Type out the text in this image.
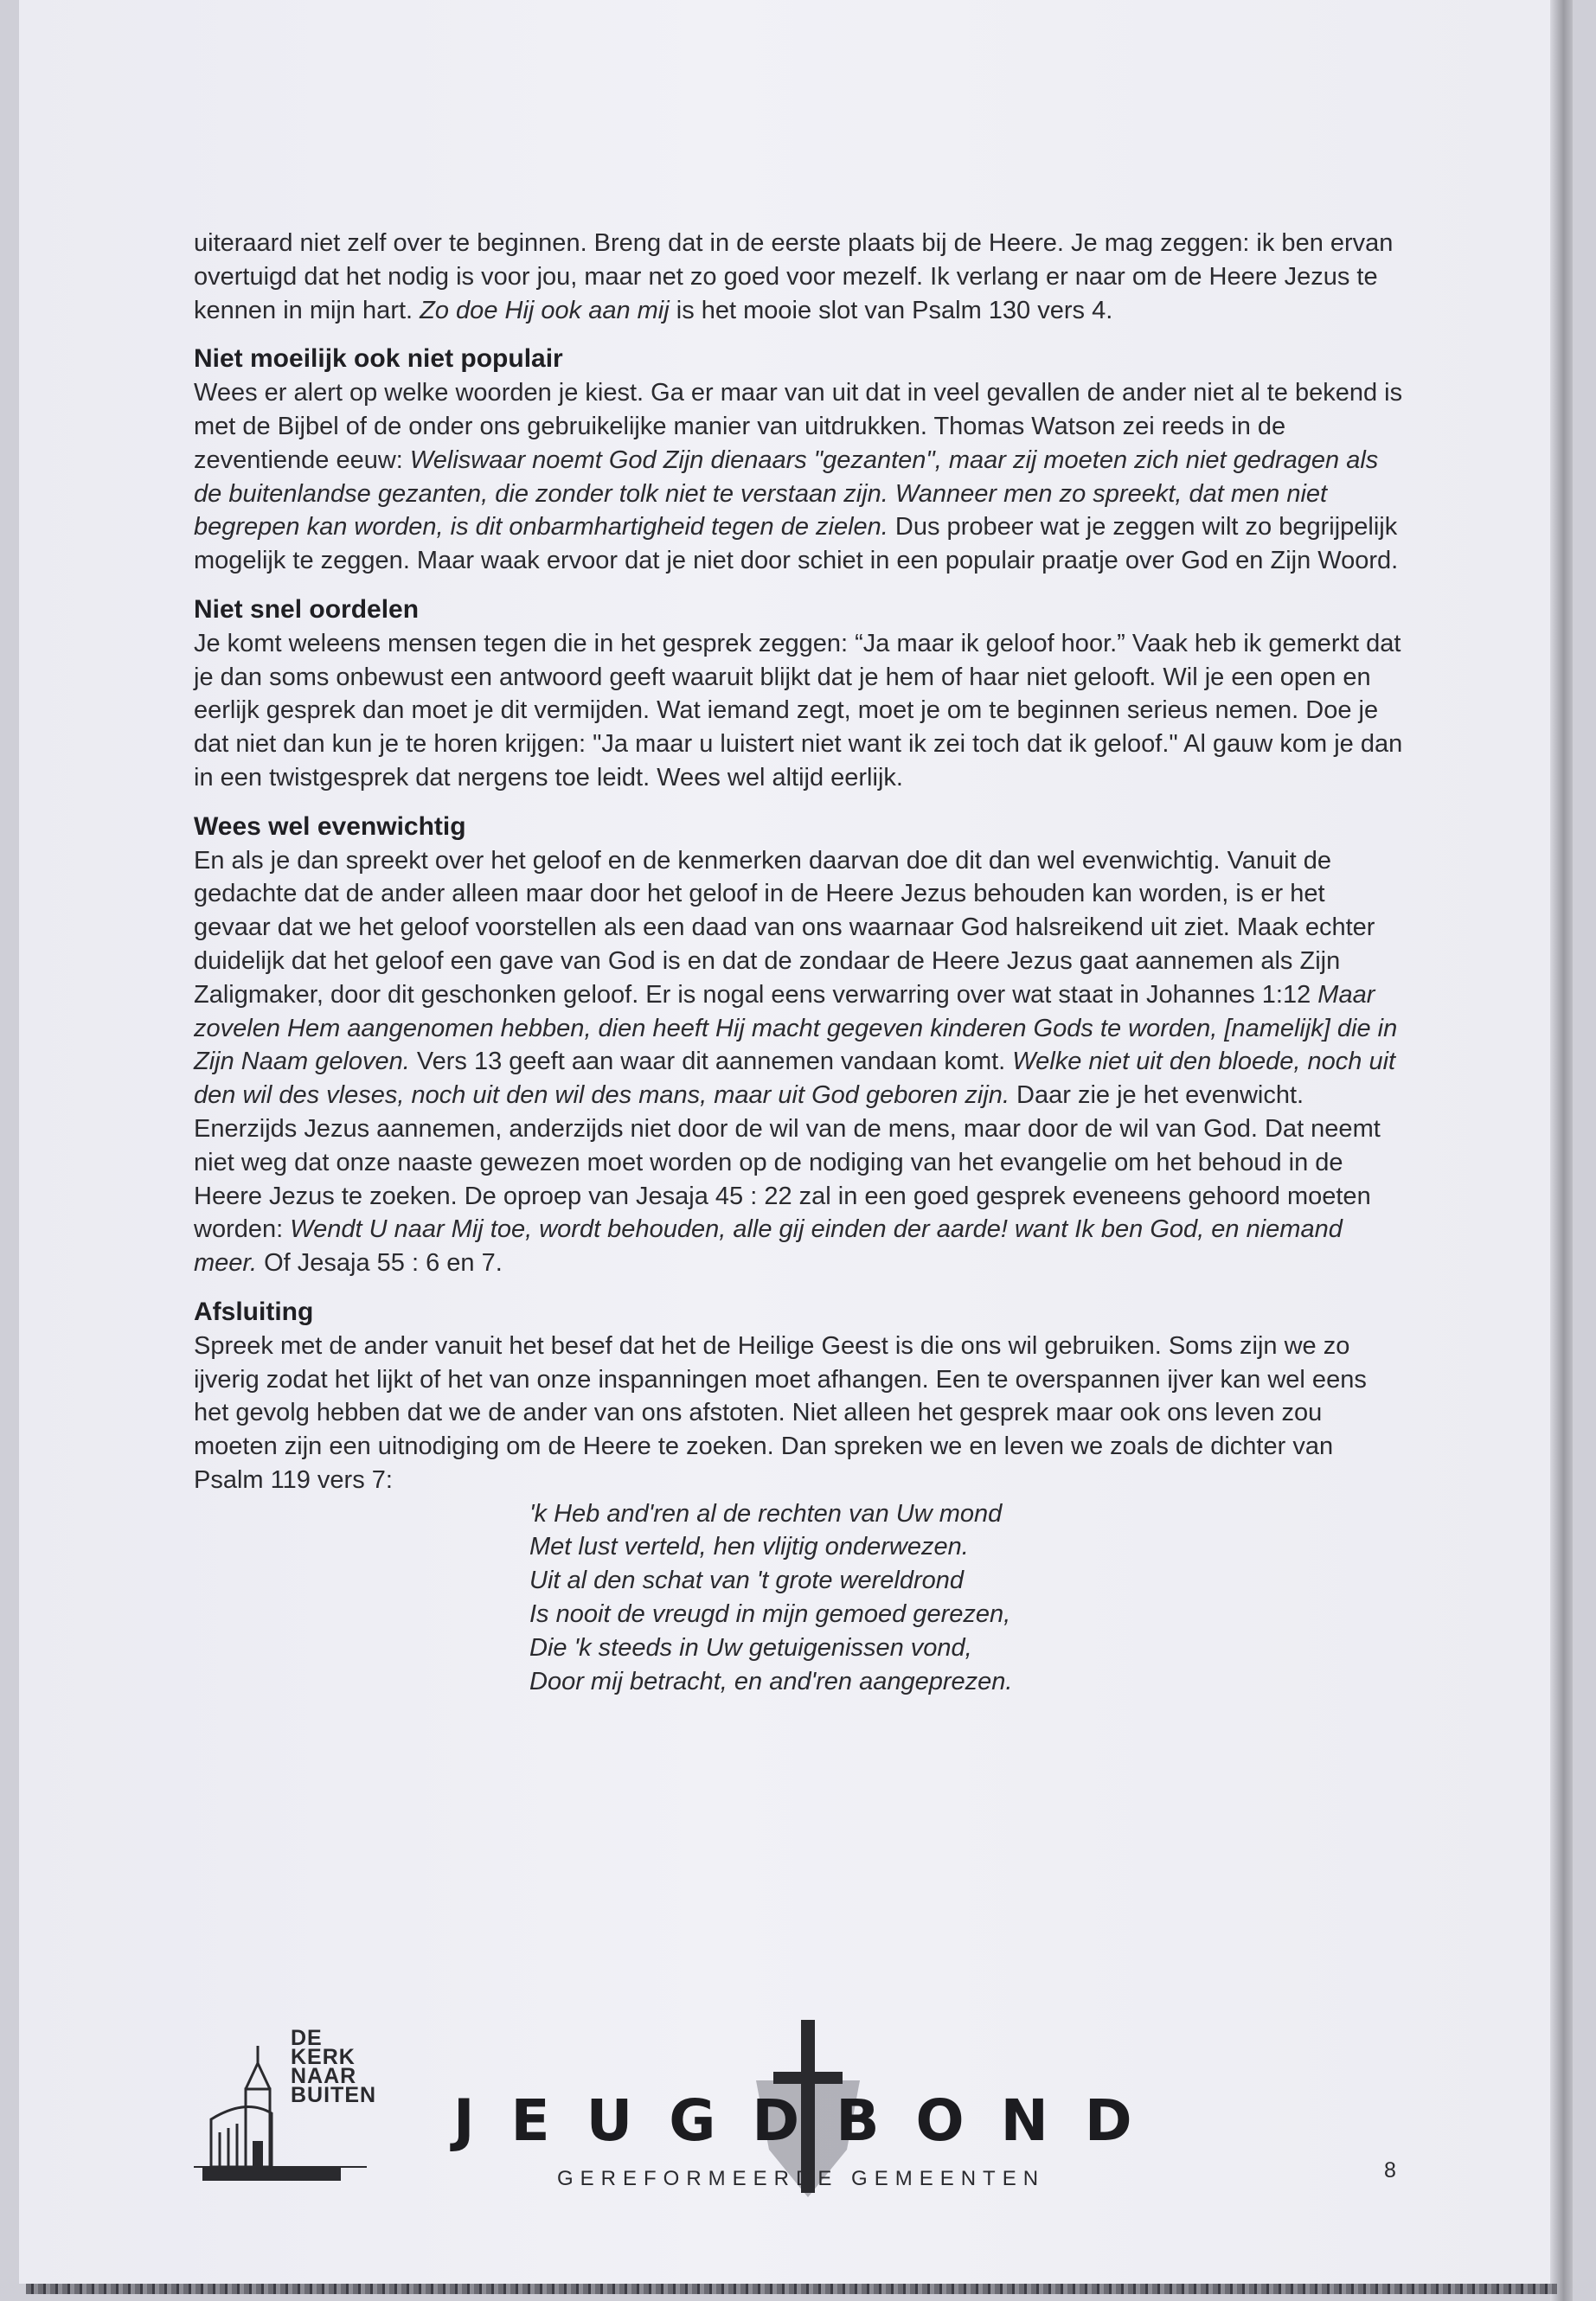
uiteraard niet zelf over te beginnen. Breng dat in de eerste plaats bij de Heere. Je mag zeggen: ik ben ervan overtuigd dat het nodig is voor jou, maar net zo goed voor mezelf. Ik verlang er naar om de Heere Jezus te kennen in mijn hart. Zo doe Hij ook aan mij is het mooie slot van Psalm 130 vers 4.

Niet moeilijk ook niet populair

Wees er alert op welke woorden je kiest. Ga er maar van uit dat in veel gevallen de ander niet al te bekend is met de Bijbel of de onder ons gebruikelijke manier van uitdrukken. Thomas Watson zei reeds in de zeventiende eeuw: Weliswaar noemt God Zijn dienaars "gezanten", maar zij moeten zich niet gedragen als de buitenlandse gezanten, die zonder tolk niet te verstaan zijn. Wanneer men zo spreekt, dat men niet begrepen kan worden, is dit onbarmhartigheid tegen de zielen. Dus probeer wat je zeggen wilt zo begrijpelijk mogelijk te zeggen. Maar waak ervoor dat je niet door schiet in een populair praatje over God en Zijn Woord.

Niet snel oordelen

Je komt weleens mensen tegen die in het gesprek zeggen: “Ja maar ik geloof hoor.” Vaak heb ik gemerkt dat je dan soms onbewust een antwoord geeft waaruit blijkt dat je hem of haar niet gelooft. Wil je een open en eerlijk gesprek dan moet je dit vermijden. Wat iemand zegt, moet je om te beginnen serieus nemen. Doe je dat niet dan kun je te horen krijgen: "Ja maar u luistert niet want ik zei toch dat ik geloof." Al gauw kom je dan in een twistgesprek dat nergens toe leidt. Wees wel altijd eerlijk.

Wees wel evenwichtig

En als je dan spreekt over het geloof en de kenmerken daarvan doe dit dan wel evenwichtig. Vanuit de gedachte dat de ander alleen maar door het geloof in de Heere Jezus behouden kan worden, is er het gevaar dat we het geloof voorstellen als een daad van ons waarnaar God halsreikend uit ziet. Maak echter duidelijk dat het geloof een gave van God is en dat de zondaar de Heere Jezus gaat aannemen als Zijn Zaligmaker, door dit geschonken geloof. Er is nogal eens verwarring over wat staat in Johannes 1:12 Maar zovelen Hem aangenomen hebben, dien heeft Hij macht gegeven kinderen Gods te worden, [namelijk] die in Zijn Naam geloven. Vers 13 geeft aan waar dit aannemen vandaan komt. Welke niet uit den bloede, noch uit den wil des vleses, noch uit den wil des mans, maar uit God geboren zijn. Daar zie je het evenwicht. Enerzijds Jezus aannemen, anderzijds niet door de wil van de mens, maar door de wil van God. Dat neemt niet weg dat onze naaste gewezen moet worden op de nodiging van het evangelie om het behoud in de Heere Jezus te zoeken. De oproep van Jesaja 45 : 22 zal in een goed gesprek eveneens gehoord moeten worden: Wendt U naar Mij toe, wordt behouden, alle gij einden der aarde! want Ik ben God, en niemand meer. Of Jesaja 55 : 6 en 7.

Afsluiting

Spreek met de ander vanuit het besef dat het de Heilige Geest is die ons wil gebruiken. Soms zijn we zo ijverig zodat het lijkt of het van onze inspanningen moet afhangen. Een te overspannen ijver kan wel eens het gevolg hebben dat we de ander van ons afstoten. Niet alleen het gesprek maar ook ons leven zou moeten zijn een uitnodiging om de Heere te zoeken. Dan spreken we en leven we zoals de dichter van Psalm 119 vers 7:

'k Heb and'ren al de rechten van Uw mond
Met lust verteld, hen vlijtig onderwezen.
Uit al den schat van 't grote wereldrond
Is nooit de vreugd in mijn gemoed gerezen,
Die 'k steeds in Uw getuigenissen vond,
Door mij betracht, en and'ren aangeprezen.
DE
KERK
NAAR
BUITEN JEUGDBOND
GEREFORMEERDE GEMEENTEN	8
